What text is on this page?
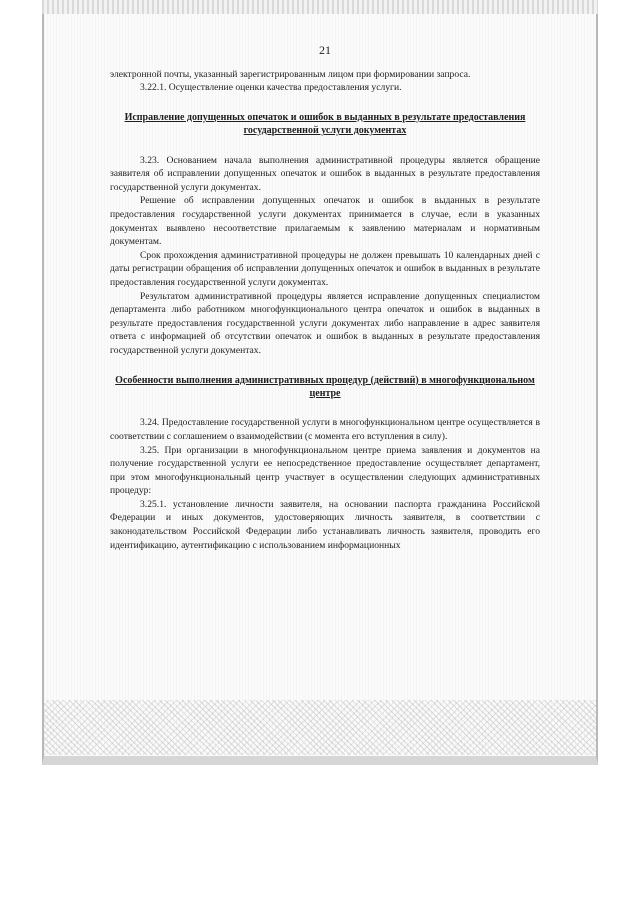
21

электронной почты, указанный зарегистрированным лицом при формировании запроса.

3.22.1. Осуществление оценки качества предоставления услуги.

Исправление допущенных опечаток и ошибок в выданных в результате предоставления государственной услуги документах

3.23. Основанием начала выполнения административной процедуры является обращение заявителя об исправлении допущенных опечаток и ошибок в выданных в результате предоставления государственной услуги документах.

Решение об исправлении допущенных опечаток и ошибок в выданных в результате предоставления государственной услуги документах принимается в случае, если в указанных документах выявлено несоответствие прилагаемым к заявлению материалам и нормативным документам.

Срок прохождения административной процедуры не должен превышать 10 календарных дней с даты регистрации обращения об исправлении допущенных опечаток и ошибок в выданных в результате предоставления государственной услуги документах.

Результатом административной процедуры является исправление допущенных специалистом департамента либо работником многофункционального центра опечаток и ошибок в выданных в результате предоставления государственной услуги документах либо направление в адрес заявителя ответа с информацией об отсутствии опечаток и ошибок в выданных в результате предоставления государственной услуги документах.

Особенности выполнения административных процедур (действий) в многофункциональном центре

3.24. Предоставление государственной услуги в многофункциональном центре осуществляется в соответствии с соглашением о взаимодействии (с момента его вступления в силу).

3.25. При организации в многофункциональном центре приема заявления и документов на получение государственной услуги ее непосредственное предоставление осуществляет департамент, при этом многофункциональный центр участвует в осуществлении следующих административных процедур:

3.25.1. установление личности заявителя, на основании паспорта гражданина Российской Федерации и иных документов, удостоверяющих личность заявителя, в соответствии с законодательством Российской Федерации либо устанавливать личность заявителя, проводить его идентификацию, аутентификацию с использованием информационных
